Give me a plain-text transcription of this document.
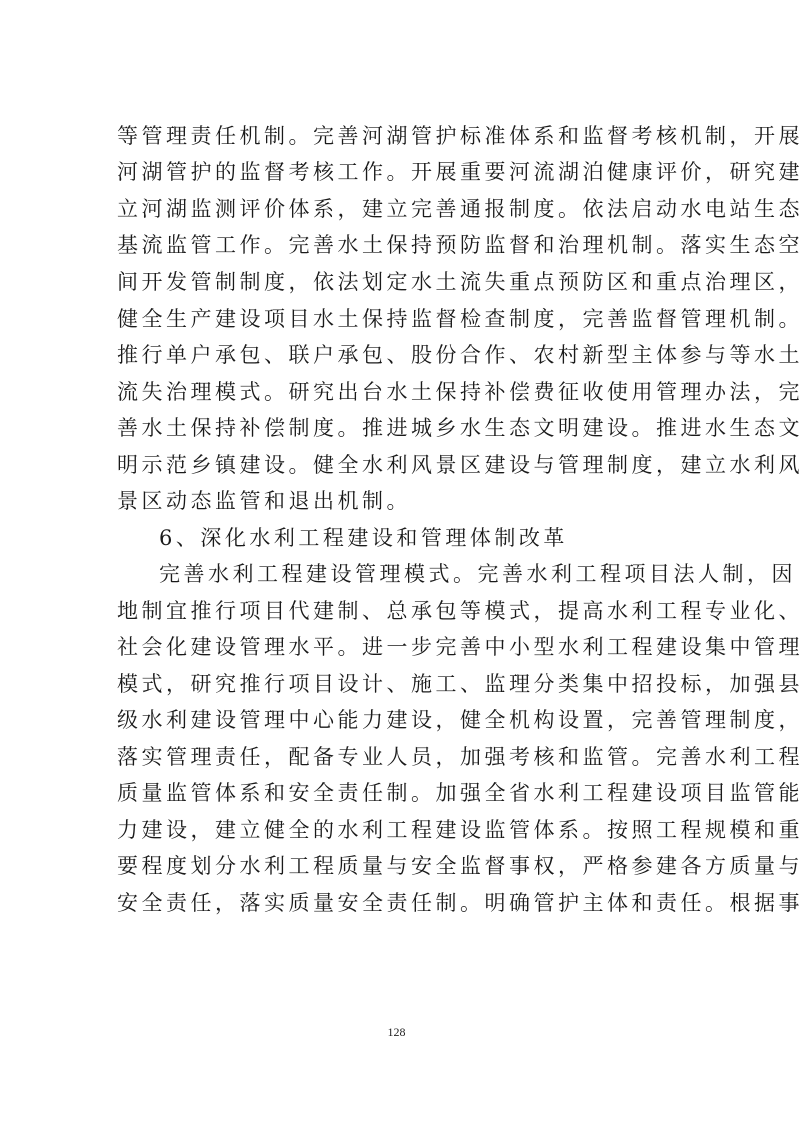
等管理责任机制。完善河湖管护标准体系和监督考核机制，开展
河湖管护的监督考核工作。开展重要河流湖泊健康评价，研究建
立河湖监测评价体系，建立完善通报制度。依法启动水电站生态
基流监管工作。完善水土保持预防监督和治理机制。落实生态空
间开发管制制度，依法划定水土流失重点预防区和重点治理区，
健全生产建设项目水土保持监督检查制度，完善监督管理机制。
推行单户承包、联户承包、股份合作、农村新型主体参与等水土
流失治理模式。研究出台水土保持补偿费征收使用管理办法，完
善水土保持补偿制度。推进城乡水生态文明建设。推进水生态文
明示范乡镇建设。健全水利风景区建设与管理制度，建立水利风
景区动态监管和退出机制。
6、深化水利工程建设和管理体制改革
完善水利工程建设管理模式。完善水利工程项目法人制，因
地制宜推行项目代建制、总承包等模式，提高水利工程专业化、
社会化建设管理水平。进一步完善中小型水利工程建设集中管理
模式，研究推行项目设计、施工、监理分类集中招投标，加强县
级水利建设管理中心能力建设，健全机构设置，完善管理制度，
落实管理责任，配备专业人员，加强考核和监管。完善水利工程
质量监管体系和安全责任制。加强全省水利工程建设项目监管能
力建设，建立健全的水利工程建设监管体系。按照工程规模和重
要程度划分水利工程质量与安全监督事权，严格参建各方质量与
安全责任，落实质量安全责任制。明确管护主体和责任。根据事
128
